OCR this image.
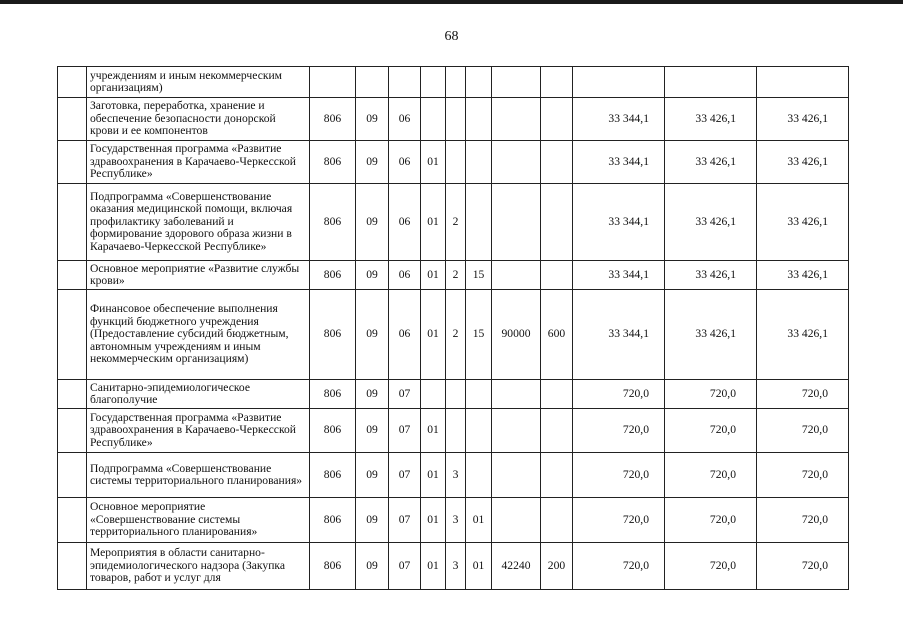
68
	учреждениям и иным некоммерческим организациям)											
	Заготовка, переработка, хранение и обеспечение безопасности донорской крови и ее компонентов	806	09	06						33 344,1	33 426,1	33 426,1
	Государственная программа «Развитие здравоохранения в Карачаево-Черкесской Республике»	806	09	06	01					33 344,1	33 426,1	33 426,1
	Подпрограмма «Совершенствование оказания медицинской помощи, включая профилактику заболеваний и формирование здорового образа жизни в Карачаево-Черкесской Республике»	806	09	06	01	2				33 344,1	33 426,1	33 426,1
	Основное мероприятие «Развитие службы крови»	806	09	06	01	2	15			33 344,1	33 426,1	33 426,1
	Финансовое обеспечение выполнения функций бюджетного учреждения (Предоставление субсидий бюджетным, автономным учреждениям и иным некоммерческим организациям)	806	09	06	01	2	15	90000	600	33 344,1	33 426,1	33 426,1
	Санитарно-эпидемиологическое благополучие	806	09	07						720,0	720,0	720,0
	Государственная программа «Развитие здравоохранения в Карачаево-Черкесской Республике»	806	09	07	01					720,0	720,0	720,0
	Подпрограмма «Совершенствование системы территориального планирования»	806	09	07	01	3				720,0	720,0	720,0
	Основное мероприятие «Совершенствование системы территориального планирования»	806	09	07	01	3	01			720,0	720,0	720,0
	Мероприятия в области санитарно-эпидемиологического надзора (Закупка товаров, работ и услуг для	806	09	07	01	3	01	42240	200	720,0	720,0	720,0
